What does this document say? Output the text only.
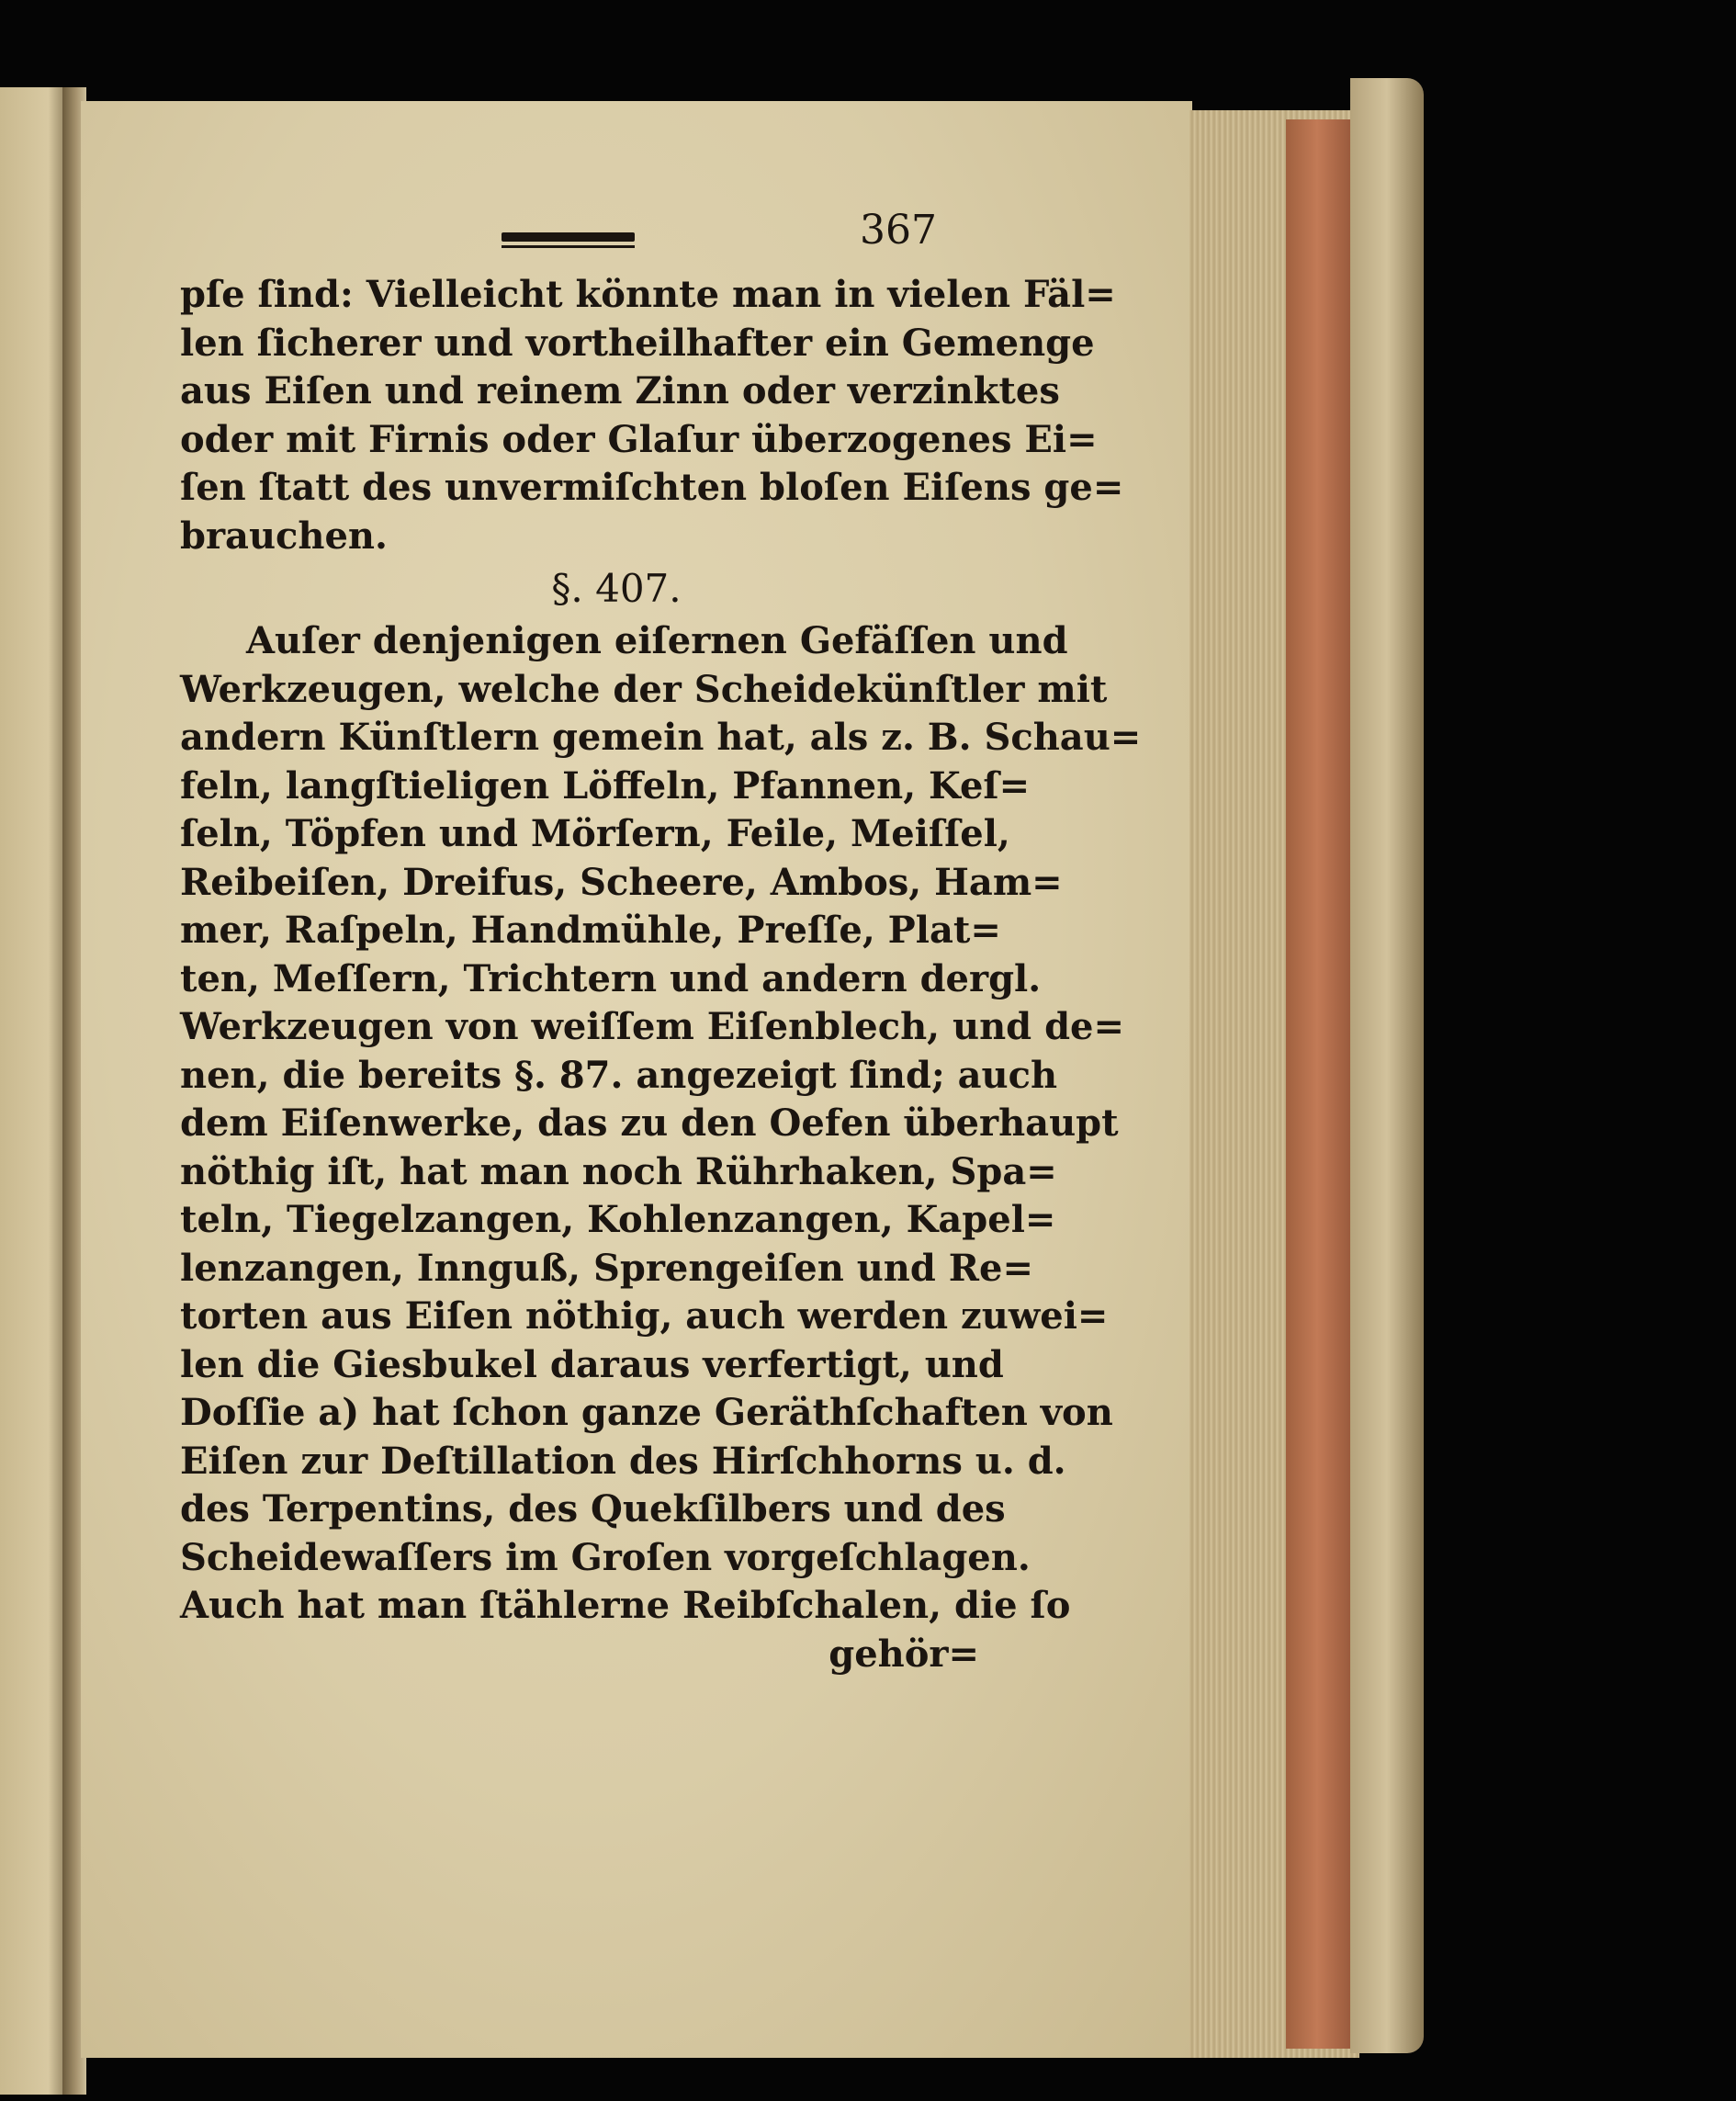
367
pſe ſind: Vielleicht könnte man in vielen Fäl=
len ſicherer und vortheilhafter ein Gemenge
aus Eiſen und reinem Zinn oder verzinktes
oder mit Firnis oder Glaſur überzogenes Ei=
ſen ſtatt des unvermiſchten bloſen Eiſens ge=
brauchen.
§. 407.
Auſer denjenigen eiſernen Gefäſſen und
Werkzeugen, welche der Scheidekünſtler mit
andern Künſtlern gemein hat, als z. B. Schau=
feln, langſtieligen Löffeln, Pfannen, Keſ=
ſeln, Töpfen und Mörſern, Feile, Meiſſel,
Reibeiſen, Dreifus, Scheere, Ambos, Ham=
mer, Raſpeln, Handmühle, Preſſe, Plat=
ten, Meſſern, Trichtern und andern dergl.
Werkzeugen von weiſſem Eiſenblech, und de=
nen, die bereits §. 87. angezeigt ſind; auch
dem Eiſenwerke, das zu den Oefen überhaupt
nöthig iſt, hat man noch Rührhaken, Spa=
teln, Tiegelzangen, Kohlenzangen, Kapel=
lenzangen, Innguß, Sprengeiſen und Re=
torten aus Eiſen nöthig, auch werden zuwei=
len die Giesbukel daraus verfertigt, und
Doſſie a) hat ſchon ganze Geräthſchaften von
Eiſen zur Deſtillation des Hirſchhorns u. d.
des Terpentins, des Quekſilbers und des
Scheidewaſſers im Groſen vorgeſchlagen.
Auch hat man ſtählerne Reibſchalen, die ſo
gehör=
